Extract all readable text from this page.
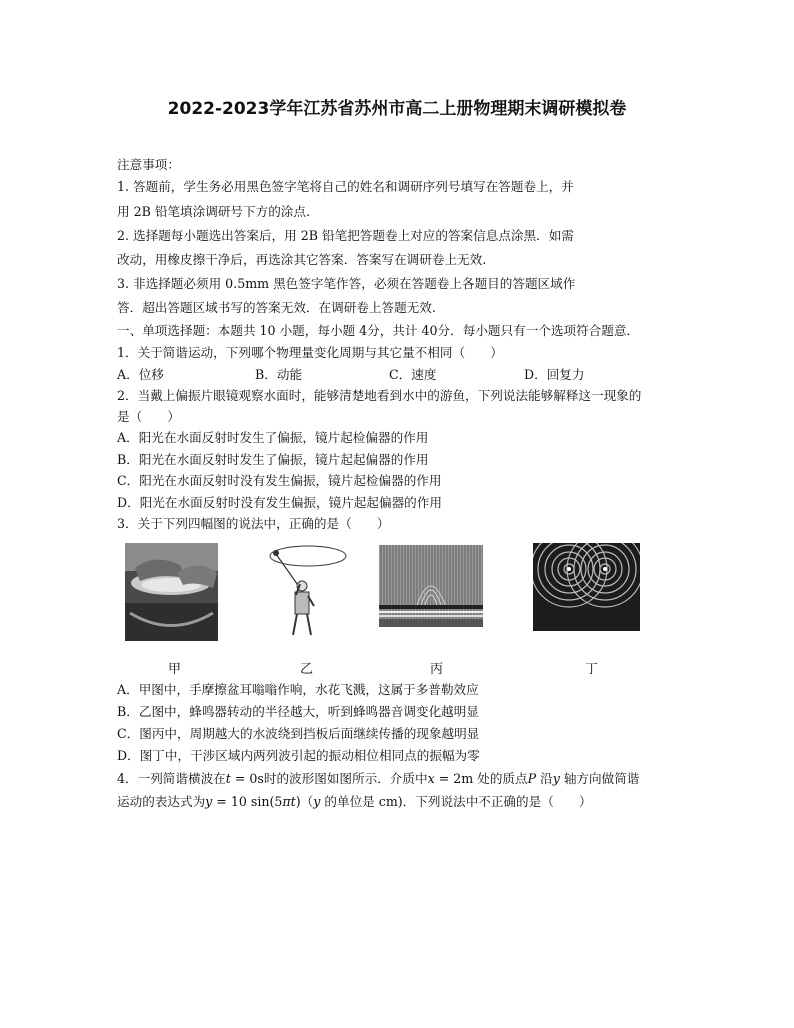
2022-2023学年江苏省苏州市高二上册物理期末调研模拟卷
注意事项：
1. 答题前，学生务必用黑色签字笔将自己的姓名和调研序列号填写在答题卷上，并
用 2B 铅笔填涂调研号下方的涂点.
2. 选择题每小题选出答案后，用 2B 铅笔把答题卷上对应的答案信息点涂黑．如需
改动，用橡皮擦干净后，再选涂其它答案．答案写在调研卷上无效.
3. 非选择题必须用 0.5mm 黑色签字笔作答，必须在答题卷上各题目的答题区域作
答．超出答题区域书写的答案无效．在调研卷上答题无效.
一、单项选择题：本题共 10 小题，每小题 4分，共计 40分．每小题只有一个选项符合题意．
1．关于简谐运动，下列哪个物理量变化周期与其它量不相同（　　）
A．位移	B．动能	C．速度	D．回复力
2．当戴上偏振片眼镜观察水面时，能够清楚地看到水中的游鱼，下列说法能够解释这一现象的
是（　　）
A．阳光在水面反射时发生了偏振，镜片起检偏器的作用
B．阳光在水面反射时发生了偏振，镜片起起偏器的作用
C．阳光在水面反射时没有发生偏振，镜片起检偏器的作用
D．阳光在水面反射时没有发生偏振，镜片起起偏器的作用
3．关于下列四幅图的说法中，正确的是（　　）
甲	乙	丙	丁
A．甲图中，手摩擦盆耳嗡嗡作响，水花飞溅，这属于多普勒效应
B．乙图中，蜂鸣器转动的半径越大，听到蜂鸣器音调变化越明显
C．图丙中，周期越大的水波绕到挡板后面继续传播的现象越明显
D．图丁中，干涉区域内两列波引起的振动相位相同点的振幅为零
4．一列简谐横波在t = 0s时的波形图如图所示．介质中x = 2m 处的质点P 沿y 轴方向做简谐
运动的表达式为y = 10 sin(5πt)（y 的单位是 cm)．下列说法中不正确的是（　　）
